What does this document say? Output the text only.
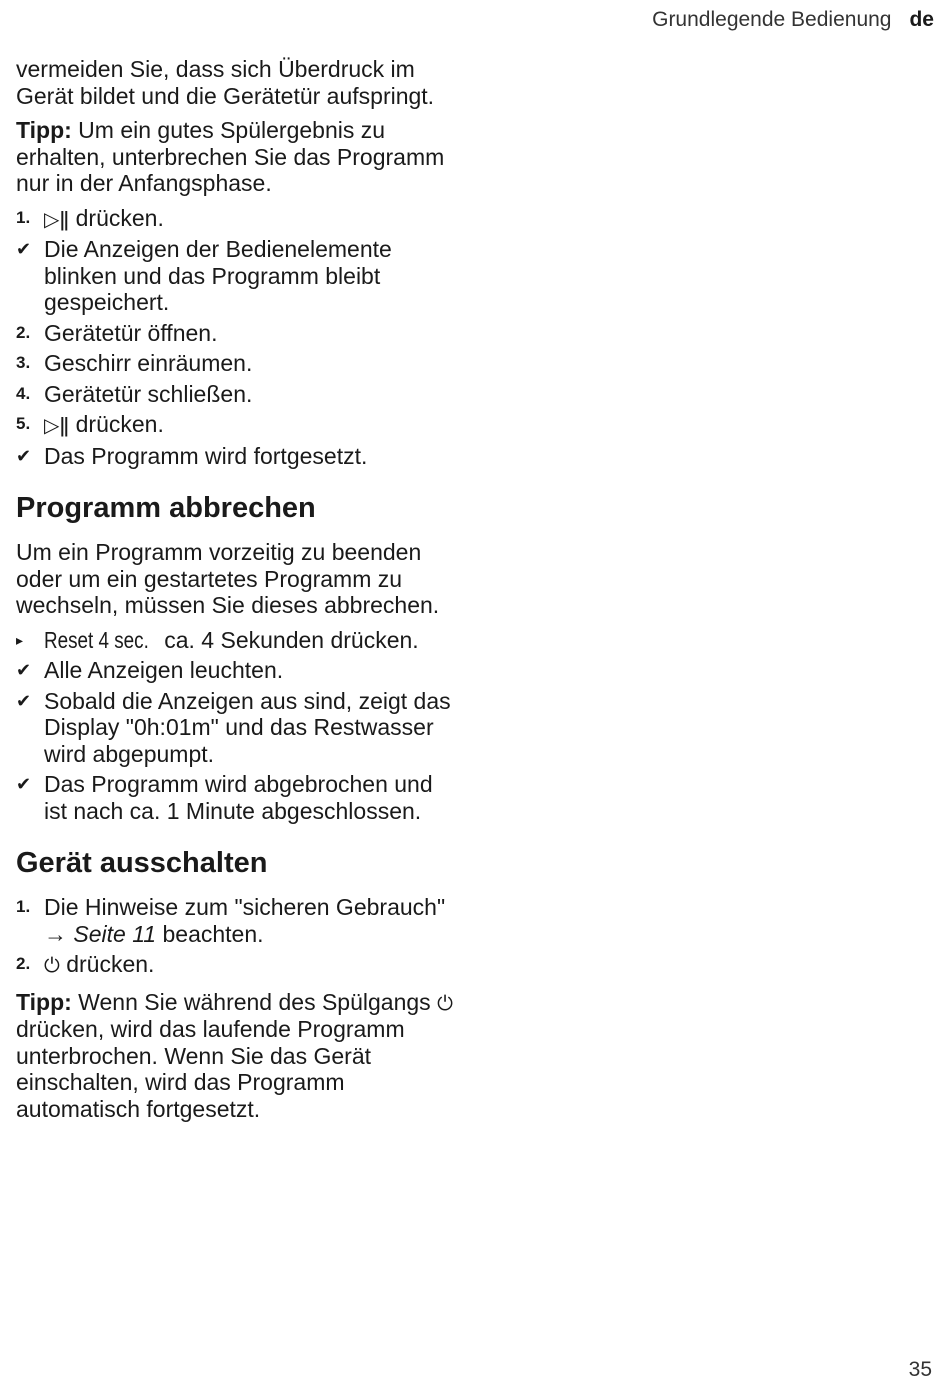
Grundlegende Bedienung de

vermeiden Sie, dass sich Überdruck im Gerät bildet und die Gerätetür aufspringt.

Tipp: Um ein gutes Spülergebnis zu erhalten, unterbrechen Sie das Programm nur in der Anfangsphase.

1. ▷ǁ drücken.
✔ Die Anzeigen der Bedienelemente blinken und das Programm bleibt gespeichert.
2. Gerätetür öffnen.
3. Geschirr einräumen.
4. Gerätetür schließen.
5. ▷ǁ drücken.
✔ Das Programm wird fortgesetzt.
Programm abbrechen

Um ein Programm vorzeitig zu beenden oder um ein gestartetes Programm zu wechseln, müssen Sie dieses abbrechen.

▸ Reset 4 sec. ca. 4 Sekunden drücken.
✔ Alle Anzeigen leuchten.
✔ Sobald die Anzeigen aus sind, zeigt das Display "0h:01m" und das Restwasser wird abgepumpt.
✔ Das Programm wird abgebrochen und ist nach ca. 1 Minute abgeschlossen.
Gerät ausschalten
1. Die Hinweise zum "sicheren Gebrauch" → Seite 11 beachten.
2. ⏻ drücken.

Tipp: Wenn Sie während des Spülgangs ⏻ drücken, wird das laufende Programm unterbrochen. Wenn Sie das Gerät einschalten, wird das Programm automatisch fortgesetzt.

35
